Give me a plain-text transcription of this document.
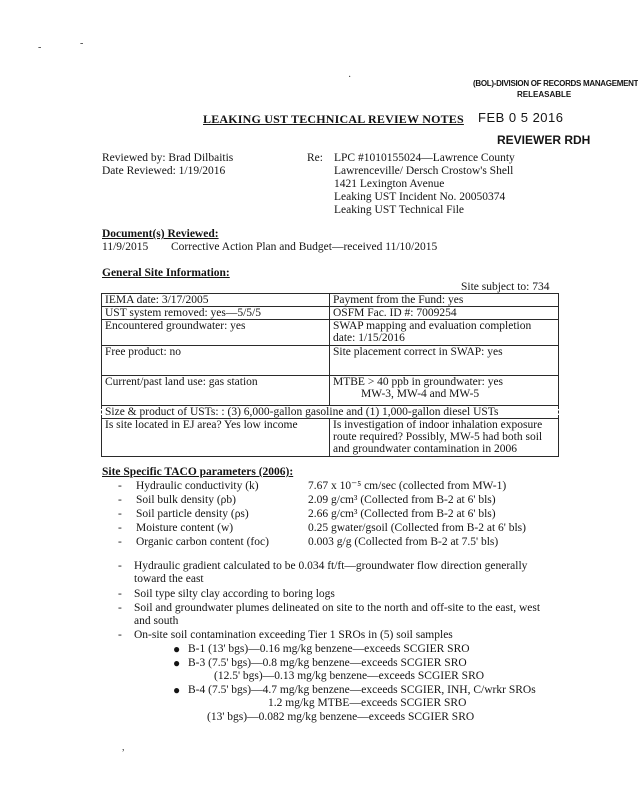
-	-
·
(BOL)-DIVISION OF RECORDS MANAGEMENT
RELEASABLE
FEB 0 5 2016
REVIEWER RDH
LEAKING UST TECHNICAL REVIEW NOTES
Reviewed by: Brad Dilbaitis
Date Reviewed: 1/19/2016
Re: LPC #1010155024—Lawrence County
Lawrenceville/ Dersch Crostow's Shell
1421 Lexington Avenue
Leaking UST Incident No. 20050374
Leaking UST Technical File
Document(s) Reviewed:
11/9/2015 Corrective Action Plan and Budget—received 11/10/2015
General Site Information:
Site subject to: 734
IEMA date: 3/17/2005	Payment from the Fund: yes
UST system removed: yes—5/5/5	OSFM Fac. ID #: 7009254
Encountered groundwater: yes	SWAP mapping and evaluation completion date: 1/15/2016
Free product: no	Site placement correct in SWAP: yes
Current/past land use: gas station	MTBE > 40 ppb in groundwater: yes
MW-3, MW-4 and MW-5
Size & product of USTs: : (3) 6,000-gallon gasoline and (1) 1,000-gallon diesel USTs	
Is site located in EJ area? Yes low income	Is investigation of indoor inhalation exposure route required? Possibly, MW-5 had both soil and groundwater contamination in 2006
Site Specific TACO parameters (2006):
- Hydraulic conductivity (k)	7.67 x 10⁻⁵ cm/sec (collected from MW-1)
- Soil bulk density (ρb)	2.09 g/cm³ (Collected from B-2 at 6' bls)
- Soil particle density (ρs)	2.66 g/cm³ (Collected from B-2 at 6' bls)
- Moisture content (w)	0.25 gwater/gsoil (Collected from B-2 at 6' bls)
- Organic carbon content (foc)	0.003 g/g (Collected from B-2 at 7.5' bls)
- Hydraulic gradient calculated to be 0.034 ft/ft—groundwater flow direction generally toward the east
- Soil type silty clay according to boring logs
- Soil and groundwater plumes delineated on site to the north and off-site to the east, west and south
- On-site soil contamination exceeding Tier 1 SROs in (5) soil samples
● B-1 (13' bgs)—0.16 mg/kg benzene—exceeds SCGIER SRO
● B-3 (7.5' bgs)—0.8 mg/kg benzene—exceeds SCGIER SRO
(12.5' bgs)—0.13 mg/kg benzene—exceeds SCGIER SRO
● B-4 (7.5' bgs)—4.7 mg/kg benzene—exceeds SCGIER, INH, C/wrkr SROs
1.2 mg/kg MTBE—exceeds SCGIER SRO
(13' bgs)—0.082 mg/kg benzene—exceeds SCGIER SRO
,
